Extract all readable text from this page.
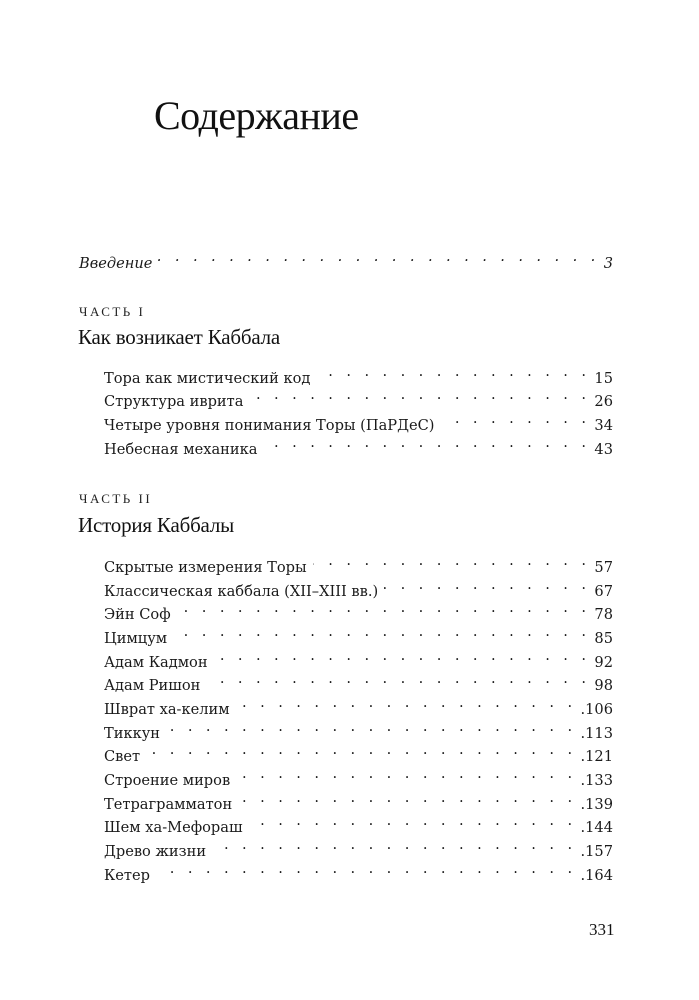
Содержание
Введение . . .	3
ЧАСТЬ I
Как возникает Каббала
Тора как мистический код . . .	15
Структура иврита . . .	26
Четыре уровня понимания Торы (ПаРДеС) . . .	34
Небесная механика . . .	43
ЧАСТЬ II
История Каббалы
Скрытые измерения Торы . . .	57
Классическая каббала (XII–XIII вв.) . . .	67
Эйн Соф . . .	78
Цимцум . . .	85
Адам Кадмон . . .	92
Адам Ришон . . .	98
Шврат ха-келим . . .	.106
Тиккун . . .	.113
Свет . . .	.121
Строение миров . . .	.133
Тетраграмматон . . .	.139
Шем ха-Мефораш . . .	.144
Древо жизни . . .	.157
Кетер . . .	.164
331
